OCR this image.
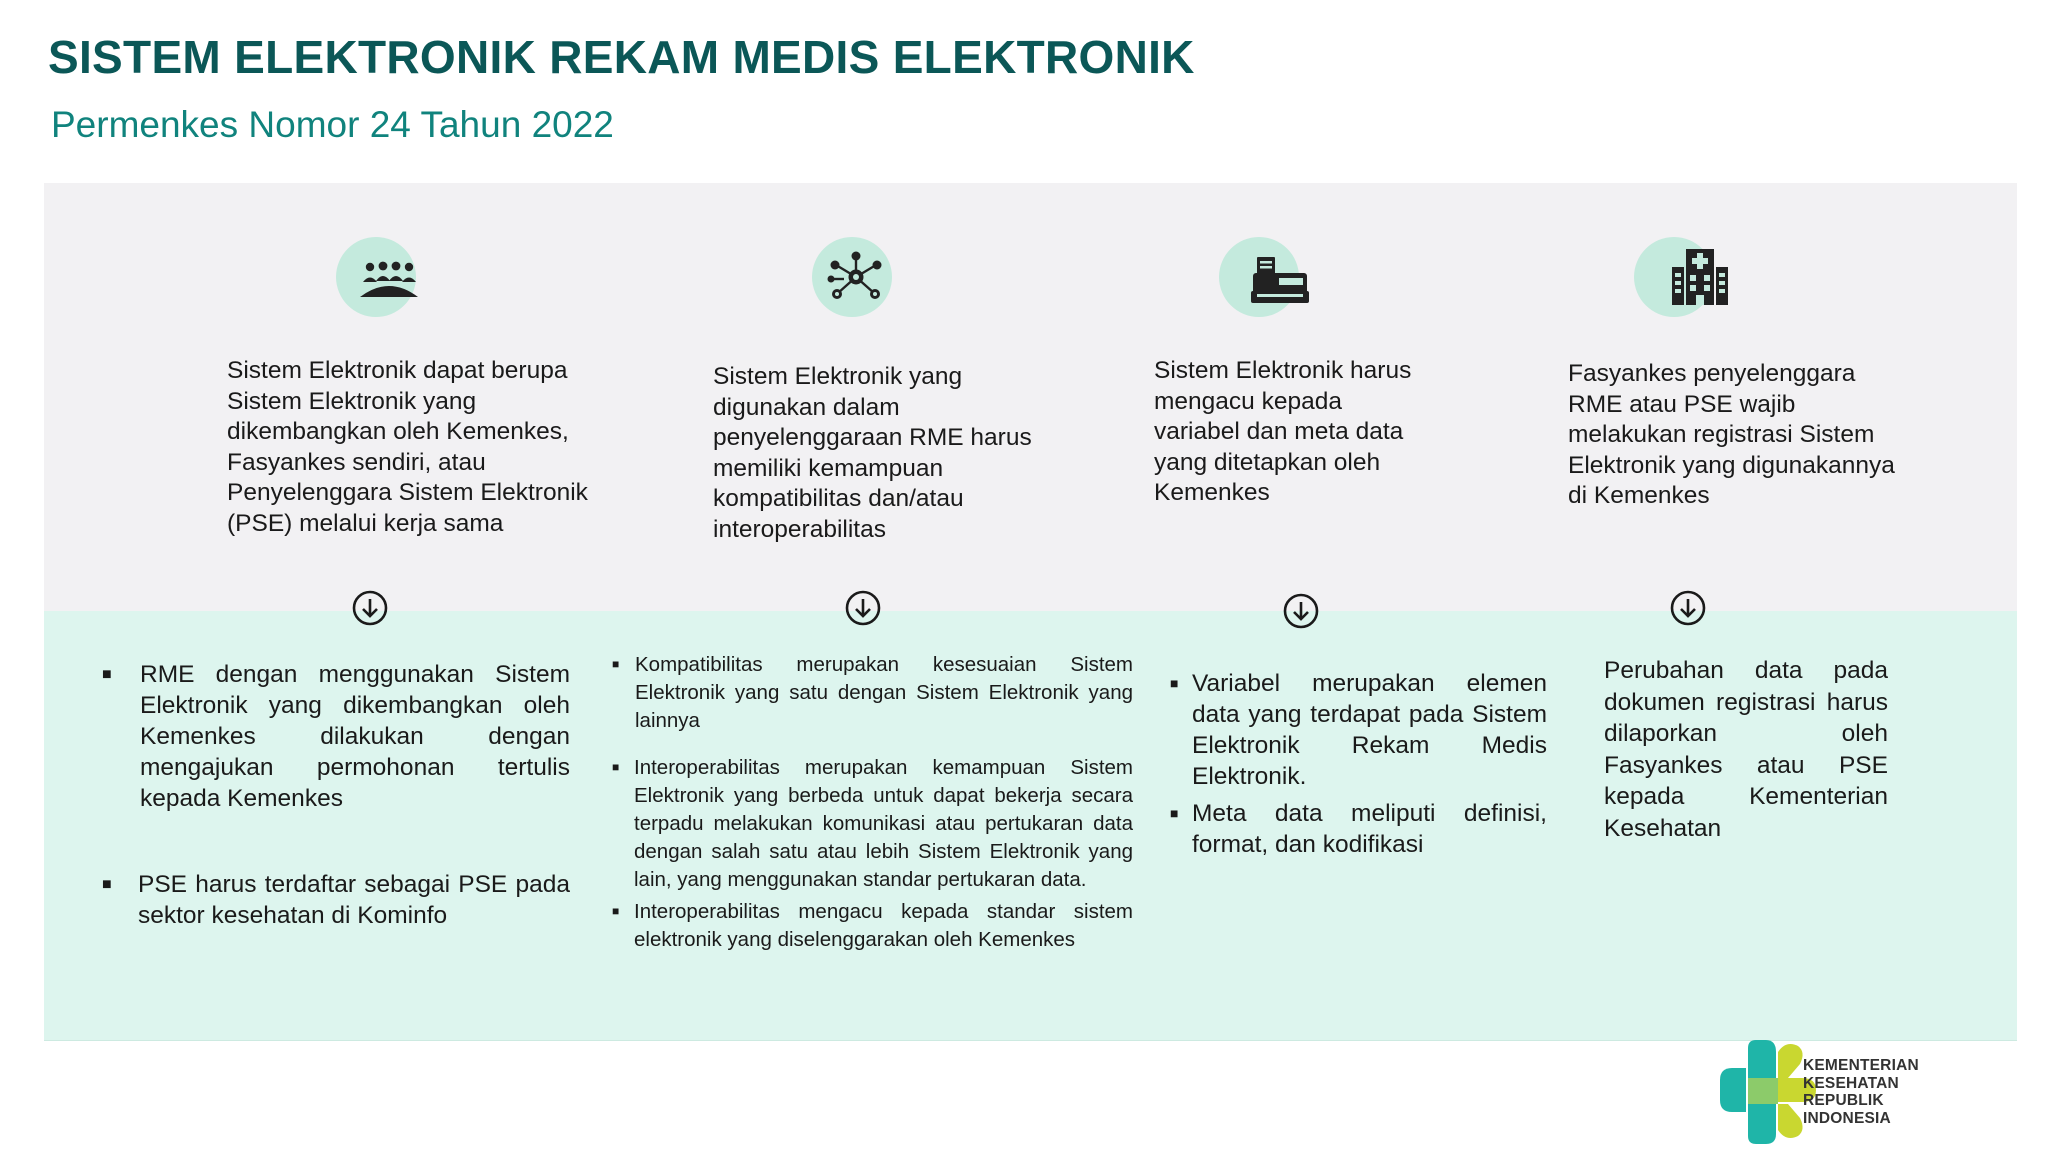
SISTEM ELEKTRONIK REKAM MEDIS ELEKTRONIK
Permenkes Nomor 24 Tahun 2022
Sistem Elektronik dapat berupa
Sistem Elektronik yang
dikembangkan oleh Kemenkes,
Fasyankes sendiri, atau
Penyelenggara Sistem Elektronik
(PSE) melalui kerja sama
Sistem Elektronik yang
digunakan dalam
penyelenggaraan RME harus
memiliki kemampuan
kompatibilitas dan/atau
interoperabilitas
Sistem Elektronik harus
mengacu kepada
variabel dan meta data
yang ditetapkan oleh
Kemenkes
Fasyankes penyelenggara
RME atau PSE wajib
melakukan registrasi Sistem
Elektronik yang digunakannya
di Kemenkes
■ RME dengan menggunakan Sistem Elektronik yang dikembangkan oleh Kemenkes dilakukan dengan mengajukan permohonan tertulis kepada Kemenkes
■ PSE harus terdaftar sebagai PSE pada sektor kesehatan di Kominfo
■ Kompatibilitas merupakan kesesuaian Sistem Elektronik yang satu dengan Sistem Elektronik yang lainnya
■ Interoperabilitas merupakan kemampuan Sistem Elektronik yang berbeda untuk dapat bekerja secara terpadu melakukan komunikasi atau pertukaran data dengan salah satu atau lebih Sistem Elektronik yang lain, yang menggunakan standar pertukaran data.
■ Interoperabilitas mengacu kepada standar sistem elektronik yang diselenggarakan oleh Kemenkes
■ Variabel merupakan elemen data yang terdapat pada Sistem Elektronik Rekam Medis Elektronik.
■ Meta data meliputi definisi, format, dan kodifikasi
Perubahan data pada dokumen registrasi harus dilaporkan oleh Fasyankes atau PSE kepada Kementerian Kesehatan
KEMENTERIAN
KESEHATAN
REPUBLIK
INDONESIA
